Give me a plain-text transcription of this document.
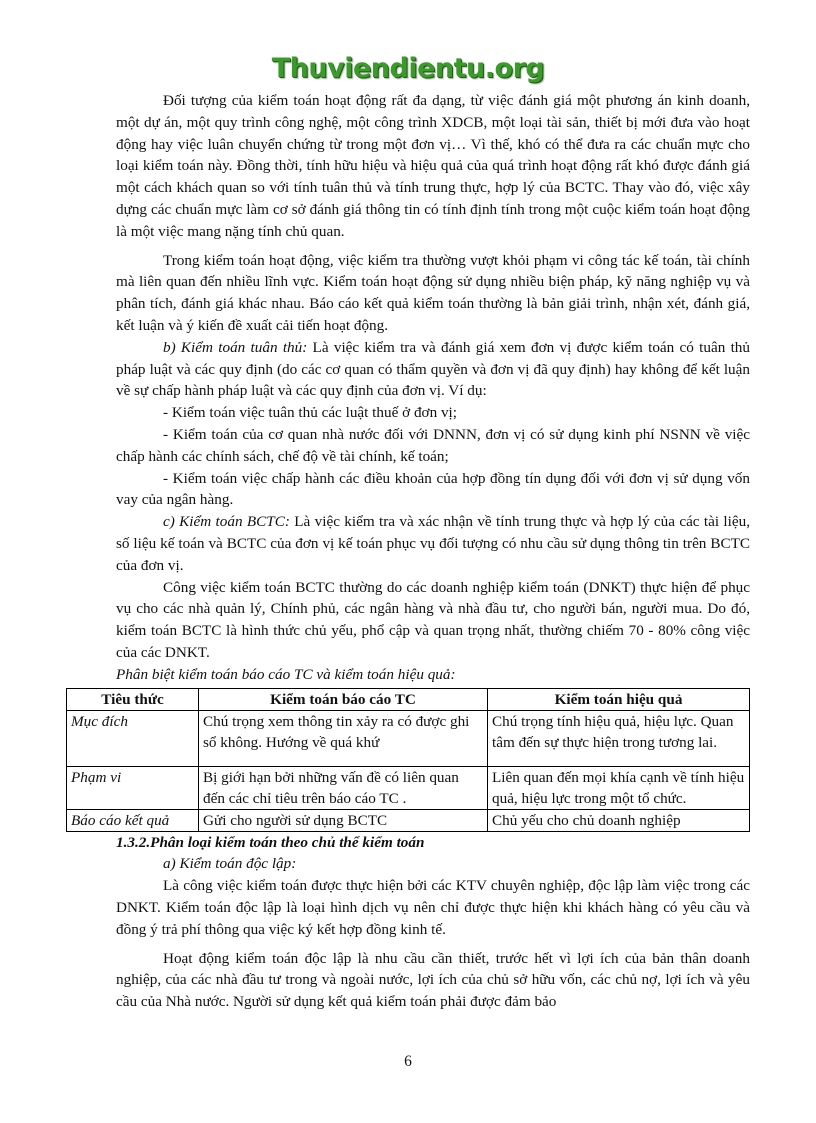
Thuviendientu.org

Đối tượng của kiểm toán hoạt động rất đa dạng, từ việc đánh giá một phương án kinh doanh, một dự án, một quy trình công nghệ, một công trình XDCB, một loại tài sản, thiết bị mới đưa vào hoạt động hay việc luân chuyển chứng từ trong một đơn vị… Vì thế, khó có thể đưa ra các chuẩn mực cho loại kiểm toán này. Đồng thời, tính hữu hiệu và hiệu quả của quá trình hoạt động rất khó được đánh giá một cách khách quan so với tính tuân thủ và tính trung thực, hợp lý của BCTC. Thay vào đó, việc xây dựng các chuẩn mực làm cơ sở đánh giá thông tin có tính định tính trong một cuộc kiểm toán hoạt động là một việc mang nặng tính chủ quan.

Trong kiểm toán hoạt động, việc kiểm tra thường vượt khỏi phạm vi công tác kế toán, tài chính mà liên quan đến nhiều lĩnh vực. Kiểm toán hoạt động sử dụng nhiều biện pháp, kỹ năng nghiệp vụ và phân tích, đánh giá khác nhau. Báo cáo kết quả kiểm toán thường là bản giải trình, nhận xét, đánh giá, kết luận và ý kiến đề xuất cải tiến hoạt động.

b) Kiểm toán tuân thủ: Là việc kiểm tra và đánh giá xem đơn vị được kiểm toán có tuân thủ pháp luật và các quy định (do các cơ quan có thẩm quyền và đơn vị đã quy định) hay không để kết luận về sự chấp hành pháp luật và các quy định của đơn vị. Ví dụ:

- Kiểm toán việc tuân thủ các luật thuế ở đơn vị;

- Kiểm toán của cơ quan nhà nước đối với DNNN, đơn vị có sử dụng kinh phí NSNN về việc chấp hành các chính sách, chế độ về tài chính, kế toán;

- Kiểm toán việc chấp hành các điều khoản của hợp đồng tín dụng đối với đơn vị sử dụng vốn vay của ngân hàng.

c) Kiểm toán BCTC: Là việc kiểm tra và xác nhận về tính trung thực và hợp lý của các tài liệu, số liệu kế toán và BCTC của đơn vị kế toán phục vụ đối tượng có nhu cầu sử dụng thông tin trên BCTC của đơn vị.

Công việc kiểm toán BCTC thường do các doanh nghiệp kiểm toán (DNKT) thực hiện để phục vụ cho các nhà quản lý, Chính phủ, các ngân hàng và nhà đầu tư, cho người bán, người mua. Do đó, kiểm toán BCTC là hình thức chủ yếu, phổ cập và quan trọng nhất, thường chiếm 70 - 80% công việc của các DNKT.

Phân biệt kiểm toán báo cáo TC và kiểm toán hiệu quả:

Tiêu thức	Kiểm toán báo cáo TC	Kiểm toán hiệu quả
Mục đích	Chú trọng xem thông tin xảy ra có được ghi sổ không. Hướng về quá khứ	Chú trọng tính hiệu quả, hiệu lực. Quan tâm đến sự thực hiện trong tương lai.
Phạm vi	Bị giới hạn bởi những vấn đề có liên quan đến các chỉ tiêu trên báo cáo TC .	Liên quan đến mọi khía cạnh về tính hiệu quả, hiệu lực trong một tổ chức.
Báo cáo kết quả	Gửi cho người sử dụng BCTC	Chủ yếu cho chủ doanh nghiệp

1.3.2.Phân loại kiểm toán theo chủ thể kiểm toán

a) Kiểm toán độc lập:

Là công việc kiểm toán được thực hiện bởi các KTV chuyên nghiệp, độc lập làm việc trong các DNKT. Kiểm toán độc lập là loại hình dịch vụ nên chỉ được thực hiện khi khách hàng có yêu cầu và đồng ý trả phí thông qua việc ký kết hợp đồng kinh tế.

Hoạt động kiểm toán độc lập là nhu cầu cần thiết, trước hết vì lợi ích của bản thân doanh nghiệp, của các nhà đầu tư trong và ngoài nước, lợi ích của chủ sở hữu vốn, các chủ nợ, lợi ích và yêu cầu của Nhà nước. Người sử dụng kết quả kiểm toán phải được đảm bảo

6
